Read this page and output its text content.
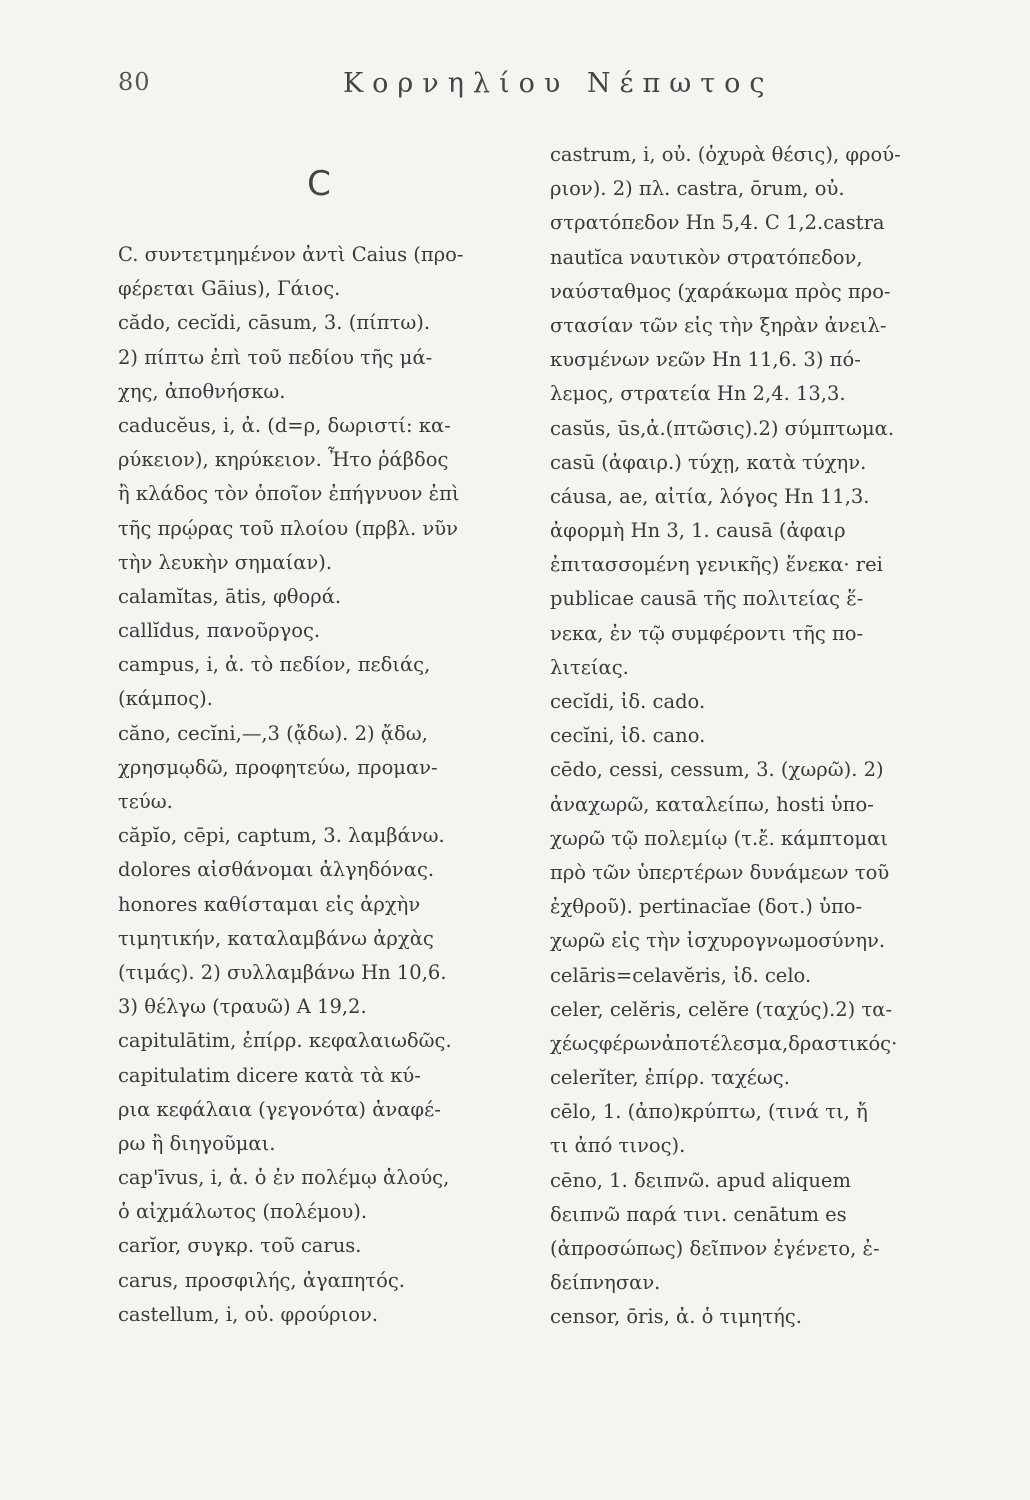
80	Κορνηλίου Νέπωτος
C
C. συντετμημένον ἀντὶ Caius (προ-
φέρεται Gāius), Γάιος.
cădo, cecĭdi, cāsum, 3. (πίπτω).
2) πίπτω ἐπὶ τοῦ πεδίου τῆς μά-
χης, ἀποθνήσκω.
caducĕus, i, ἀ. (d=ρ, δωριστί: κα-
ρύκειον), κηρύκειον. Ἦτο ῥάβδος
ἢ κλάδος τὸν ὁποῖον ἐπήγνυον ἐπὶ
τῆς πρῴρας τοῦ πλοίου (πρβλ. νῦν
τὴν λευκὴν σημαίαν).
calamĭtas, ātis, φθορά.
callĭdus, πανοῦργος.
campus, i, ἀ. τὸ πεδίον, πεδιάς,
(κάμπος).
căno, cecĭni,—,3 (ᾄδω). 2) ᾄδω,
χρησμῳδῶ, προφητεύω, προμαν-
τεύω.
căpĭo, cēpi, captum, 3. λαμβάνω.
dolores αἰσθάνομαι ἀλγηδόνας.
honores καθίσταμαι εἰς ἀρχὴν
τιμητικήν, καταλαμβάνω ἀρχὰς
(τιμάς). 2) συλλαμβάνω Hn 10,6.
3) θέλγω (τραυῶ) A 19,2.
capitulātim, ἐπίρρ. κεφαλαιωδῶς.
capitulatim dicere κατὰ τὰ κύ-
ρια κεφάλαια (γεγονότα) ἀναφέ-
ρω ἢ διηγοῦμαι.
cap'īvus, i, ἀ. ὁ ἐν πολέμῳ ἁλούς,
ὁ αἰχμάλωτος (πολέμου).
carĭor, συγκρ. τοῦ carus.
carus, προσφιλής, ἀγαπητός.
castellum, i, οὐ. φρούριον.
castrum, i, οὐ. (ὀχυρὰ θέσις), φρού-
ριον). 2) πλ. castra, ōrum, οὐ.
στρατόπεδον Hn 5,4. C 1,2.castra
nautĭca ναυτικὸν στρατόπεδον,
ναύσταθμος (χαράκωμα πρὸς προ-
στασίαν τῶν εἰς τὴν ξηρὰν ἀνειλ-
κυσμένων νεῶν Hn 11,6. 3) πό-
λεμος, στρατεία Hn 2,4. 13,3.
casŭs, ūs,ἀ.(πτῶσις).2) σύμπτωμα.
casū (ἀφαιρ.) τύχῃ, κατὰ τύχην.
cáusa, ae, αἰτία, λόγος Hn 11,3.
ἀφορμὴ Hn 3, 1. causā (ἀφαιρ
ἐπιτασσομένη γενικῆς) ἕνεκα· rei
publicae causā τῆς πολιτείας ἕ-
νεκα, ἐν τῷ συμφέροντι τῆς πο-
λιτείας.
cecĭdi, ἰδ. cado.
cecĭni, ἰδ. cano.
cēdo, cessi, cessum, 3. (χωρῶ). 2)
ἀναχωρῶ, καταλείπω, hosti ὑπο-
χωρῶ τῷ πολεμίῳ (τ.ἔ. κάμπτομαι
πρὸ τῶν ὑπερτέρων δυνάμεων τοῦ
ἐχθροῦ). pertinacĭae (δοτ.) ὑπο-
χωρῶ εἰς τὴν ἰσχυρογνωμοσύνην.
celāris=celavĕris, ἰδ. celo.
celer, celĕris, celĕre (ταχύς).2) τα-
χέωςφέρωνἀποτέλεσμα,δραστικός·
celerĭter, ἐπίρρ. ταχέως.
cēlo, 1. (ἀπο)κρύπτω, (τινά τι, ἤ
τι ἀπό τινος).
cēno, 1. δειπνῶ. apud aliquem
δειπνῶ παρά τινι. cenātum es
(ἀπροσώπως) δεῖπνον ἐγένετο, ἐ-
δείπνησαν.
censor, ōris, ἀ. ὁ τιμητής.
